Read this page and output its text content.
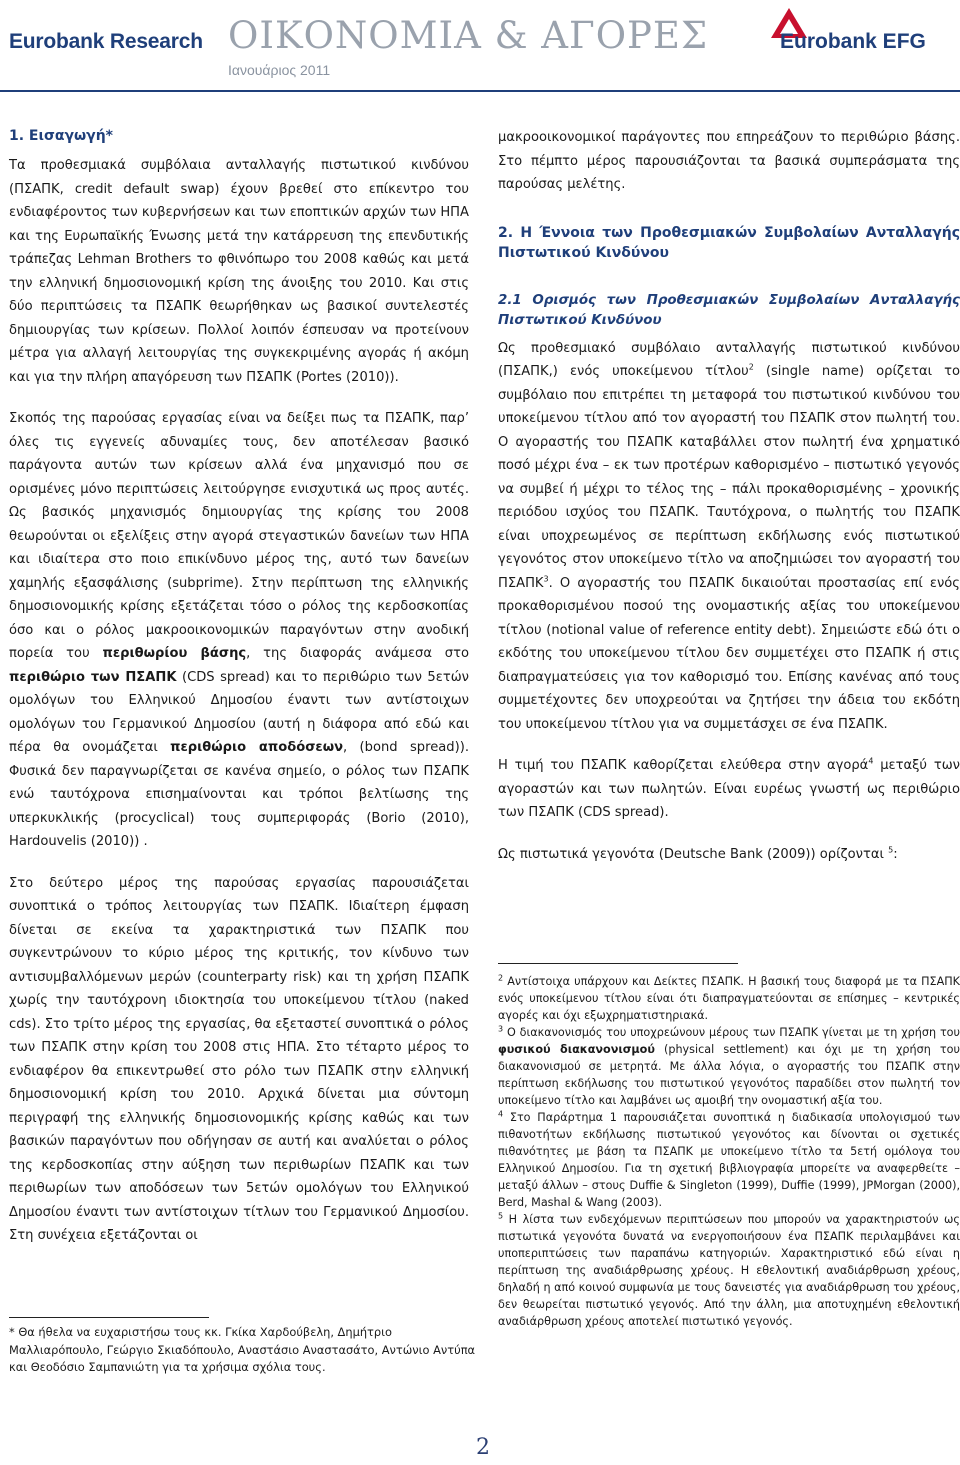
Eurobank Research ΟΙΚΟΝΟΜΙΑ & ΑΓΟΡΕΣ
Ιανουάριος 2011
Eurobank EFG
1. Εισαγωγή*

Τα προθεσμιακά συμβόλαια ανταλλαγής πιστωτικού κινδύνου (ΠΣΑΠΚ, credit default swap) έχουν βρεθεί στο επίκεντρο του ενδιαφέροντος των κυβερνήσεων και των εποπτικών αρχών των ΗΠΑ και της Ευρωπαϊκής Ένωσης μετά την κατάρρευση της επενδυτικής τράπεζας Lehman Brothers το φθινόπωρο του 2008 καθώς και μετά την ελληνική δημοσιονομική κρίση της άνοιξης του 2010. Και στις δύο περιπτώσεις τα ΠΣΑΠΚ θεωρήθηκαν ως βασικοί συντελεστές δημιουργίας των κρίσεων. Πολλοί λοιπόν έσπευσαν να προτείνουν μέτρα για αλλαγή λειτουργίας της συγκεκριμένης αγοράς ή ακόμη και για την πλήρη απαγόρευση των ΠΣΑΠΚ (Portes (2010)).

Σκοπός της παρούσας εργασίας είναι να δείξει πως τα ΠΣΑΠΚ, παρ’ όλες τις εγγενείς αδυναμίες τους, δεν αποτέλεσαν βασικό παράγοντα αυτών των κρίσεων αλλά ένα μηχανισμό που σε ορισμένες μόνο περιπτώσεις λειτούργησε ενισχυτικά ως προς αυτές. Ως βασικός μηχανισμός δημιουργίας της κρίσης του 2008 θεωρούνται οι εξελίξεις στην αγορά στεγαστικών δανείων των ΗΠΑ και ιδιαίτερα στο ποιο επικίνδυνο μέρος της, αυτό των δανείων χαμηλής εξασφάλισης (subprime). Στην περίπτωση της ελληνικής δημοσιονομικής κρίσης εξετάζεται τόσο ο ρόλος της κερδοσκοπίας όσο και ο ρόλος μακροοικονομικών παραγόντων στην ανοδική πορεία του περιθωρίου βάσης, της διαφοράς ανάμεσα στο περιθώριο των ΠΣΑΠΚ (CDS spread) και το περιθώριο των 5ετών ομολόγων του Ελληνικού Δημοσίου έναντι των αντίστοιχων ομολόγων του Γερμανικού Δημοσίου (αυτή η διάφορα από εδώ και πέρα θα ονομάζεται περιθώριο αποδόσεων, (bond spread)). Φυσικά δεν παραγνωρίζεται σε κανένα σημείο, ο ρόλος των ΠΣΑΠΚ ενώ ταυτόχρονα επισημαίνονται και τρόποι βελτίωσης της υπερκυκλικής (procyclical) τους συμπεριφοράς (Borio (2010), Hardouvelis (2010)) .

Στο δεύτερο μέρος της παρούσας εργασίας παρουσιάζεται συνοπτικά ο τρόπος λειτουργίας των ΠΣΑΠΚ. Ιδιαίτερη έμφαση δίνεται σε εκείνα τα χαρακτηριστικά των ΠΣΑΠΚ που συγκεντρώνουν το κύριο μέρος της κριτικής, τον κίνδυνο των αντισυμβαλλόμενων μερών (counterparty risk) και τη χρήση ΠΣΑΠΚ χωρίς την ταυτόχρονη ιδιοκτησία του υποκείμενου τίτλου (naked cds). Στο τρίτο μέρος της εργασίας, θα εξεταστεί συνοπτικά ο ρόλος των ΠΣΑΠΚ στην κρίση του 2008 στις ΗΠΑ. Στο τέταρτο μέρος το ενδιαφέρον θα επικεντρωθεί στο ρόλο των ΠΣΑΠΚ στην ελληνική δημοσιονομική κρίση του 2010. Αρχικά δίνεται μια σύντομη περιγραφή της ελληνικής δημοσιονομικής κρίσης καθώς και των βασικών παραγόντων που οδήγησαν σε αυτή και αναλύεται ο ρόλος της κερδοσκοπίας στην αύξηση των περιθωρίων ΠΣΑΠΚ και των περιθωρίων των αποδόσεων των 5ετών ομολόγων του Ελληνικού Δημοσίου έναντι των αντίστοιχων τίτλων του Γερμανικού Δημοσίου. Στη συνέχεια εξετάζονται οι

* Θα ήθελα να ευχαριστήσω τους κκ. Γκίκα Χαρδούβελη, Δημήτριο Μαλλιαρόπουλο, Γεώργιο Σκιαδόπουλο, Αναστάσιο Αναστασάτο, Αντώνιο Αντύπα και Θεοδόσιο Σαμπανιώτη για τα χρήσιμα σχόλια τους.

μακροοικονομικοί παράγοντες που επηρεάζουν το περιθώριο βάσης. Στο πέμπτο μέρος παρουσιάζονται τα βασικά συμπεράσματα της παρούσας μελέτης.

2. Η Έννοια των Προθεσμιακών Συμβολαίων Ανταλλαγής Πιστωτικού Κινδύνου
2.1 Ορισμός των Προθεσμιακών Συμβολαίων Ανταλλαγής Πιστωτικού Κινδύνου

Ως προθεσμιακό συμβόλαιο ανταλλαγής πιστωτικού κινδύνου (ΠΣΑΠΚ,) ενός υποκείμενου τίτλου$^2$ (single name) ορίζεται το συμβόλαιο που επιτρέπει τη μεταφορά του πιστωτικού κινδύνου του υποκείμενου τίτλου από τον αγοραστή του ΠΣΑΠΚ στον πωλητή του. Ο αγοραστής του ΠΣΑΠΚ καταβάλλει στον πωλητή ένα χρηματικό ποσό μέχρι ένα – εκ των προτέρων καθορισμένο – πιστωτικό γεγονός να συμβεί ή μέχρι το τέλος της – πάλι προκαθορισμένης – χρονικής περιόδου ισχύος του ΠΣΑΠΚ. Ταυτόχρονα, ο πωλητής του ΠΣΑΠΚ είναι υποχρεωμένος σε περίπτωση εκδήλωσης ενός πιστωτικού γεγονότος στον υποκείμενο τίτλο να αποζημιώσει τον αγοραστή του ΠΣΑΠΚ$^3$. Ο αγοραστής του ΠΣΑΠΚ δικαιούται προστασίας επί ενός προκαθορισμένου ποσού της ονομαστικής αξίας του υποκείμενου τίτλου (notional value of reference entity debt). Σημειώστε εδώ ότι ο εκδότης του υποκείμενου τίτλου δεν συμμετέχει στο ΠΣΑΠΚ ή στις διαπραγματεύσεις για τον καθορισμό του. Επίσης κανένας από τους συμμετέχοντες δεν υποχρεούται να ζητήσει την άδεια του εκδότη του υποκείμενου τίτλου για να συμμετάσχει σε ένα ΠΣΑΠΚ.

Η τιμή του ΠΣΑΠΚ καθορίζεται ελεύθερα στην αγορά$^4$ μεταξύ των αγοραστών και των πωλητών. Είναι ευρέως γνωστή ως περιθώριο των ΠΣΑΠΚ (CDS spread).

Ως πιστωτικά γεγονότα (Deutsche Bank (2009)) ορίζονται $^5$:

$^2$ Αντίστοιχα υπάρχουν και Δείκτες ΠΣΑΠΚ. Η βασική τους διαφορά με τα ΠΣΑΠΚ ενός υποκείμενου τίτλου είναι ότι διαπραγματεύονται σε επίσημες – κεντρικές αγορές και όχι εξωχρηματιστηριακά.

$^3$ Ο διακανονισμός του υποχρεώνουν μέρους των ΠΣΑΠΚ γίνεται με τη χρήση του φυσικού διακανονισμού (physical settlement) και όχι με τη χρήση του διακανονισμού σε μετρητά. Με άλλα λόγια, ο αγοραστής του ΠΣΑΠΚ στην περίπτωση εκδήλωσης του πιστωτικού γεγονότος παραδίδει στον πωλητή τον υποκείμενο τίτλο και λαμβάνει ως αμοιβή την ονομαστική αξία του.

$^4$ Στο Παράρτημα 1 παρουσιάζεται συνοπτικά η διαδικασία υπολογισμού των πιθανοτήτων εκδήλωσης πιστωτικού γεγονότος και δίνονται οι σχετικές πιθανότητες με βάση τα ΠΣΑΠΚ με υποκείμενο τίτλο τα 5ετή ομόλογα του Ελληνικού Δημοσίου. Για τη σχετική βιβλιογραφία μπορείτε να αναφερθείτε – μεταξύ άλλων – στους Duffie & Singleton (1999), Duffie (1999), JPMorgan (2000), Berd, Mashal & Wang (2003).

$^5$ Η λίστα των ενδεχόμενων περιπτώσεων που μπορούν να χαρακτηριστούν ως πιστωτικά γεγονότα δυνατά να ενεργοποιήσουν ένα ΠΣΑΠΚ περιλαμβάνει και υποπεριπτώσεις των παραπάνω κατηγοριών. Χαρακτηριστικό εδώ είναι η περίπτωση της αναδιάρθρωσης χρέους. Η εθελοντική αναδιάρθρωση χρέους, δηλαδή η από κοινού συμφωνία με τους δανειστές για αναδιάρθρωση του χρέους, δεν θεωρείται πιστωτικό γεγονός. Από την άλλη, μια αποτυχημένη εθελοντική αναδιάρθρωση χρέους αποτελεί πιστωτικό γεγονός.

2
